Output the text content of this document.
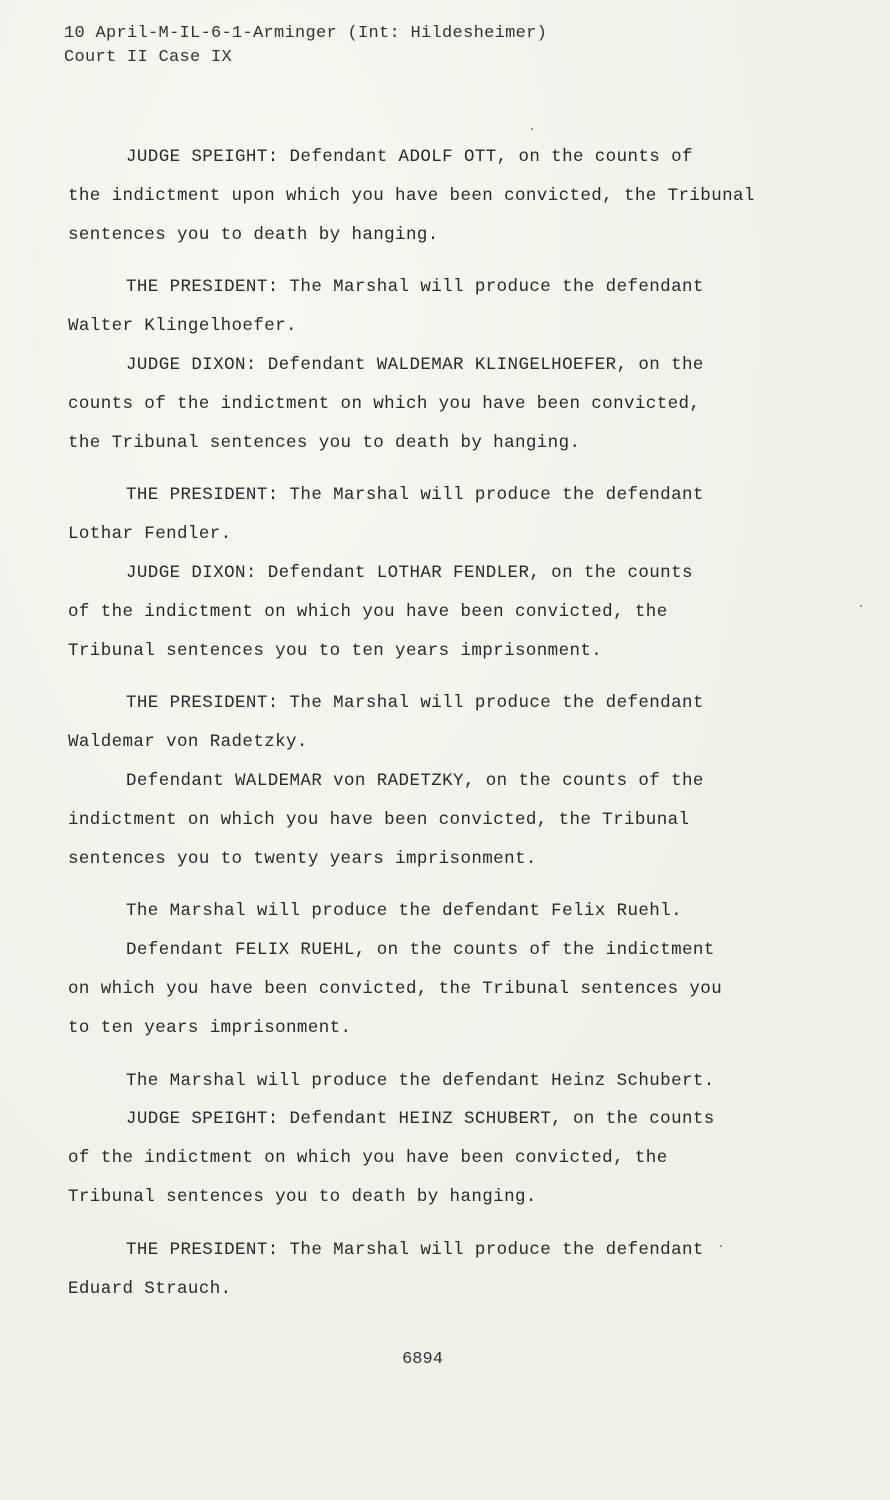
10 April-M-IL-6-1-Arminger (Int: Hildesheimer)
Court II Case IX
JUDGE SPEIGHT: Defendant ADOLF OTT, on the counts of
the indictment upon which you have been convicted, the Tribunal
sentences you to death by hanging.
THE PRESIDENT: The Marshal will produce the defendant
Walter Klingelhoefer.
JUDGE DIXON: Defendant WALDEMAR KLINGELHOEFER, on the
counts of the indictment on which you have been convicted,
the Tribunal sentences you to death by hanging.
THE PRESIDENT: The Marshal will produce the defendant
Lothar Fendler.
JUDGE DIXON: Defendant LOTHAR FENDLER, on the counts
of the indictment on which you have been convicted, the
Tribunal sentences you to ten years imprisonment.
THE PRESIDENT: The Marshal will produce the defendant
Waldemar von Radetzky.
Defendant WALDEMAR von RADETZKY, on the counts of the
indictment on which you have been convicted, the Tribunal
sentences you to twenty years imprisonment.
The Marshal will produce the defendant Felix Ruehl.
Defendant FELIX RUEHL, on the counts of the indictment
on which you have been convicted, the Tribunal sentences you
to ten years imprisonment.
The Marshal will produce the defendant Heinz Schubert.
JUDGE SPEIGHT: Defendant HEINZ SCHUBERT, on the counts
of the indictment on which you have been convicted, the
Tribunal sentences you to death by hanging.
THE PRESIDENT: The Marshal will produce the defendant
Eduard Strauch.
6894
